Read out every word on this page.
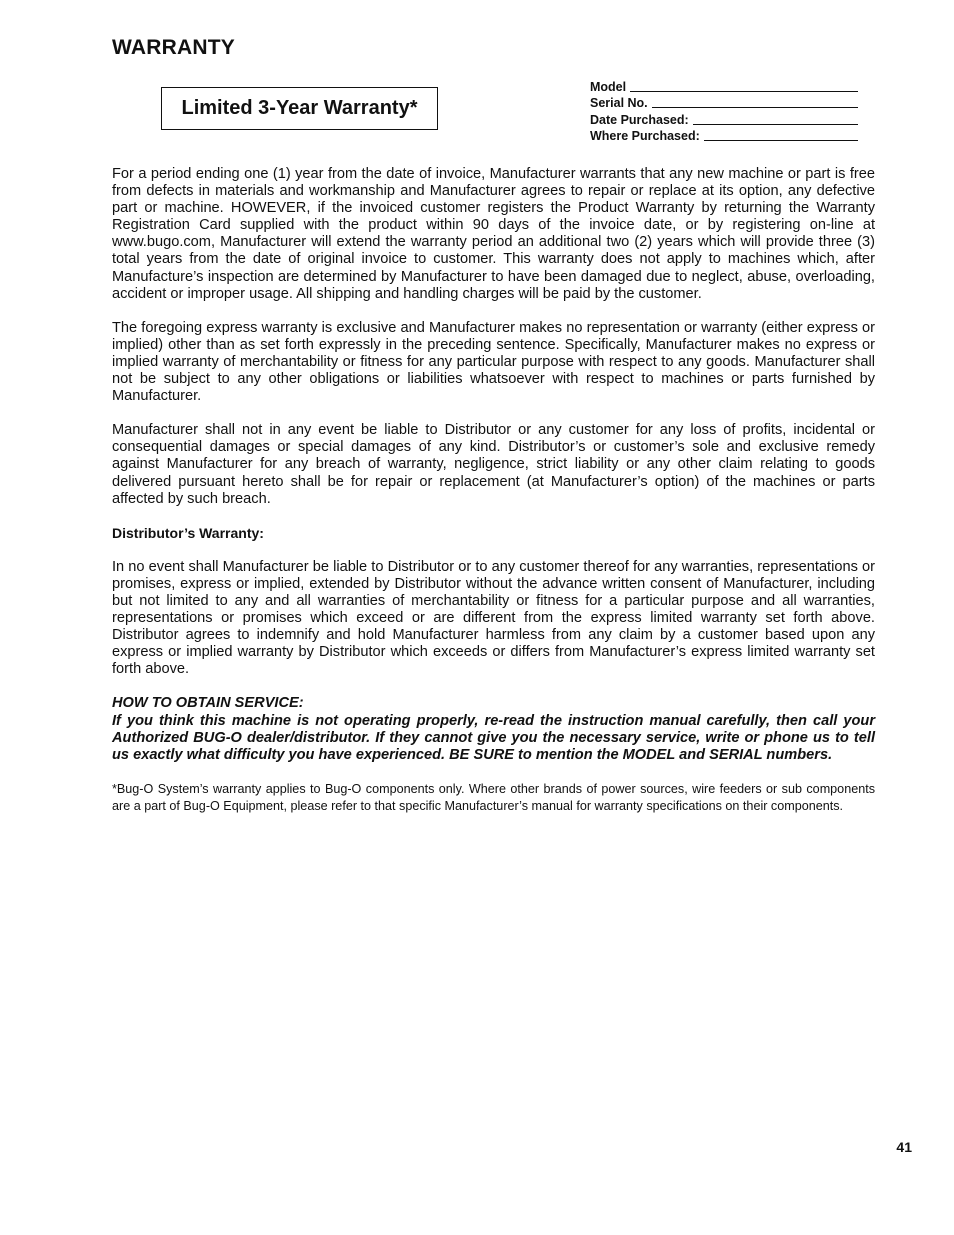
WARRANTY
Limited 3-Year Warranty*
Model
Serial No.
Date Purchased:
Where Purchased:

For a period ending one (1) year from the date of invoice, Manufacturer warrants that any new machine or part is free from defects in materials and workmanship and Manufacturer agrees to repair or replace at its option, any defective part or machine. HOWEVER, if the invoiced customer registers the Product Warranty by returning the Warranty Registration Card supplied with the product within 90 days of the invoice date, or by registering on-line at www.bugo.com, Manufacturer will extend the warranty period an additional two (2) years which will provide three (3) total years from the date of original invoice to customer. This warranty does not apply to machines which, after Manufacture’s inspection are determined by Manufacturer to have been damaged due to neglect, abuse, overloading, accident or improper usage. All shipping and handling charges will be paid by the customer.

The foregoing express warranty is exclusive and Manufacturer makes no representation or warranty (either express or implied) other than as set forth expressly in the preceding sentence. Specifically, Manufacturer makes no express or implied warranty of merchantability or fitness for any particular purpose with respect to any goods. Manufacturer shall not be subject to any other obligations or liabilities whatsoever with respect to machines or parts furnished by Manufacturer.

Manufacturer shall not in any event be liable to Distributor or any customer for any loss of profits, incidental or consequential damages or special damages of any kind. Distributor’s or customer’s sole and exclusive remedy against Manufacturer for any breach of warranty, negligence, strict liability or any other claim relating to goods delivered pursuant hereto shall be for repair or replacement (at Manufacturer’s option) of the machines or parts affected by such breach.

Distributor’s Warranty:

In no event shall Manufacturer be liable to Distributor or to any customer thereof for any warranties, representations or promises, express or implied, extended by Distributor without the advance written consent of Manufacturer, including but not limited to any and all warranties of merchantability or fitness for a particular purpose and all warranties, representations or promises which exceed or are different from the express limited warranty set forth above. Distributor agrees to indemnify and hold Manufacturer harmless from any claim by a customer based upon any express or implied warranty by Distributor which exceeds or differs from Manufacturer’s express limited warranty set forth above.

HOW TO OBTAIN SERVICE:
If you think this machine is not operating properly, re-read the instruction manual carefully, then call your Authorized BUG-O dealer/distributor. If they cannot give you the necessary service, write or phone us to tell us exactly what difficulty you have experienced. BE SURE to mention the MODEL and SERIAL numbers.

*Bug-O System’s warranty applies to Bug-O components only. Where other brands of power sources, wire feeders or sub components are a part of Bug-O Equipment, please refer to that specific Manufacturer’s manual for warranty specifications on their components.

41
